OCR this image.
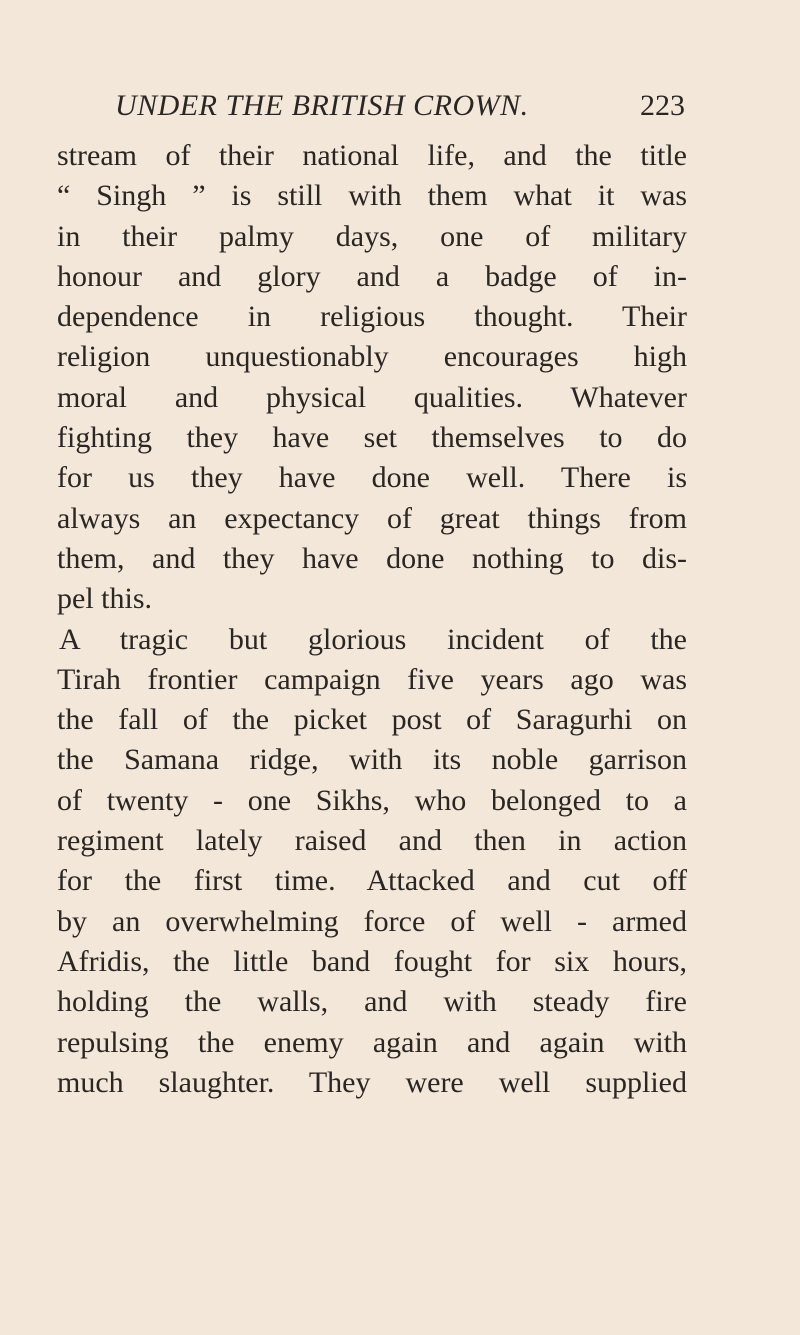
UNDER THE BRITISH CROWN.	223
stream of their national life, and the title
“ Singh ” is still with them what it was
in their palmy days, one of military
honour and glory and a badge of in-
dependence in religious thought. Their
religion unquestionably encourages high
moral and physical qualities. Whatever
fighting they have set themselves to do
for us they have done well. There is
always an expectancy of great things from
them, and they have done nothing to dis-
pel this.
A tragic but glorious incident of the
Tirah frontier campaign five years ago was
the fall of the picket post of Saragurhi on
the Samana ridge, with its noble garrison
of twenty - one Sikhs, who belonged to a
regiment lately raised and then in action
for the first time. Attacked and cut off
by an overwhelming force of well - armed
Afridis, the little band fought for six hours,
holding the walls, and with steady fire
repulsing the enemy again and again with
much slaughter. They were well supplied
